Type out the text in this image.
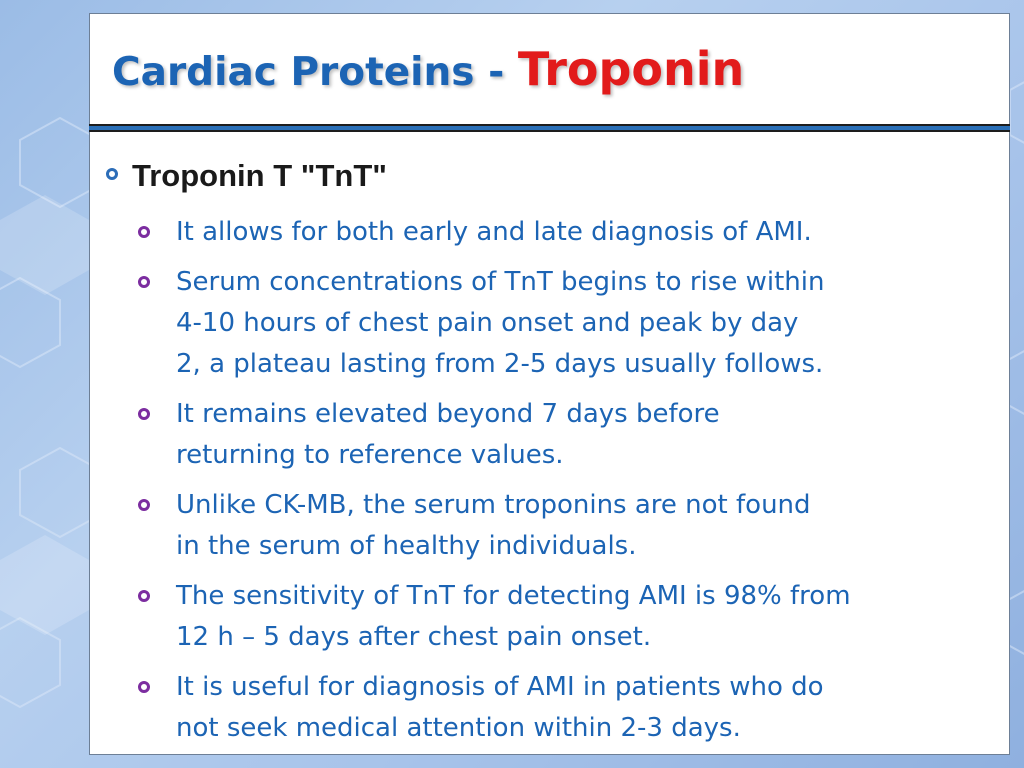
Cardiac Proteins - Troponin
Troponin T "TnT"
It allows for both early and late diagnosis of AMI.
Serum concentrations of TnT begins to rise within
4-10 hours of chest pain onset and peak by day
2, a plateau lasting from 2-5 days usually follows.
It remains elevated beyond 7 days before
returning to reference values.
Unlike CK-MB, the serum troponins are not found
in the serum of healthy individuals.
The sensitivity of TnT for detecting AMI is 98% from
12 h – 5 days after chest pain onset.
It is useful for diagnosis of AMI in patients who do
not seek medical attention within 2-3 days.
